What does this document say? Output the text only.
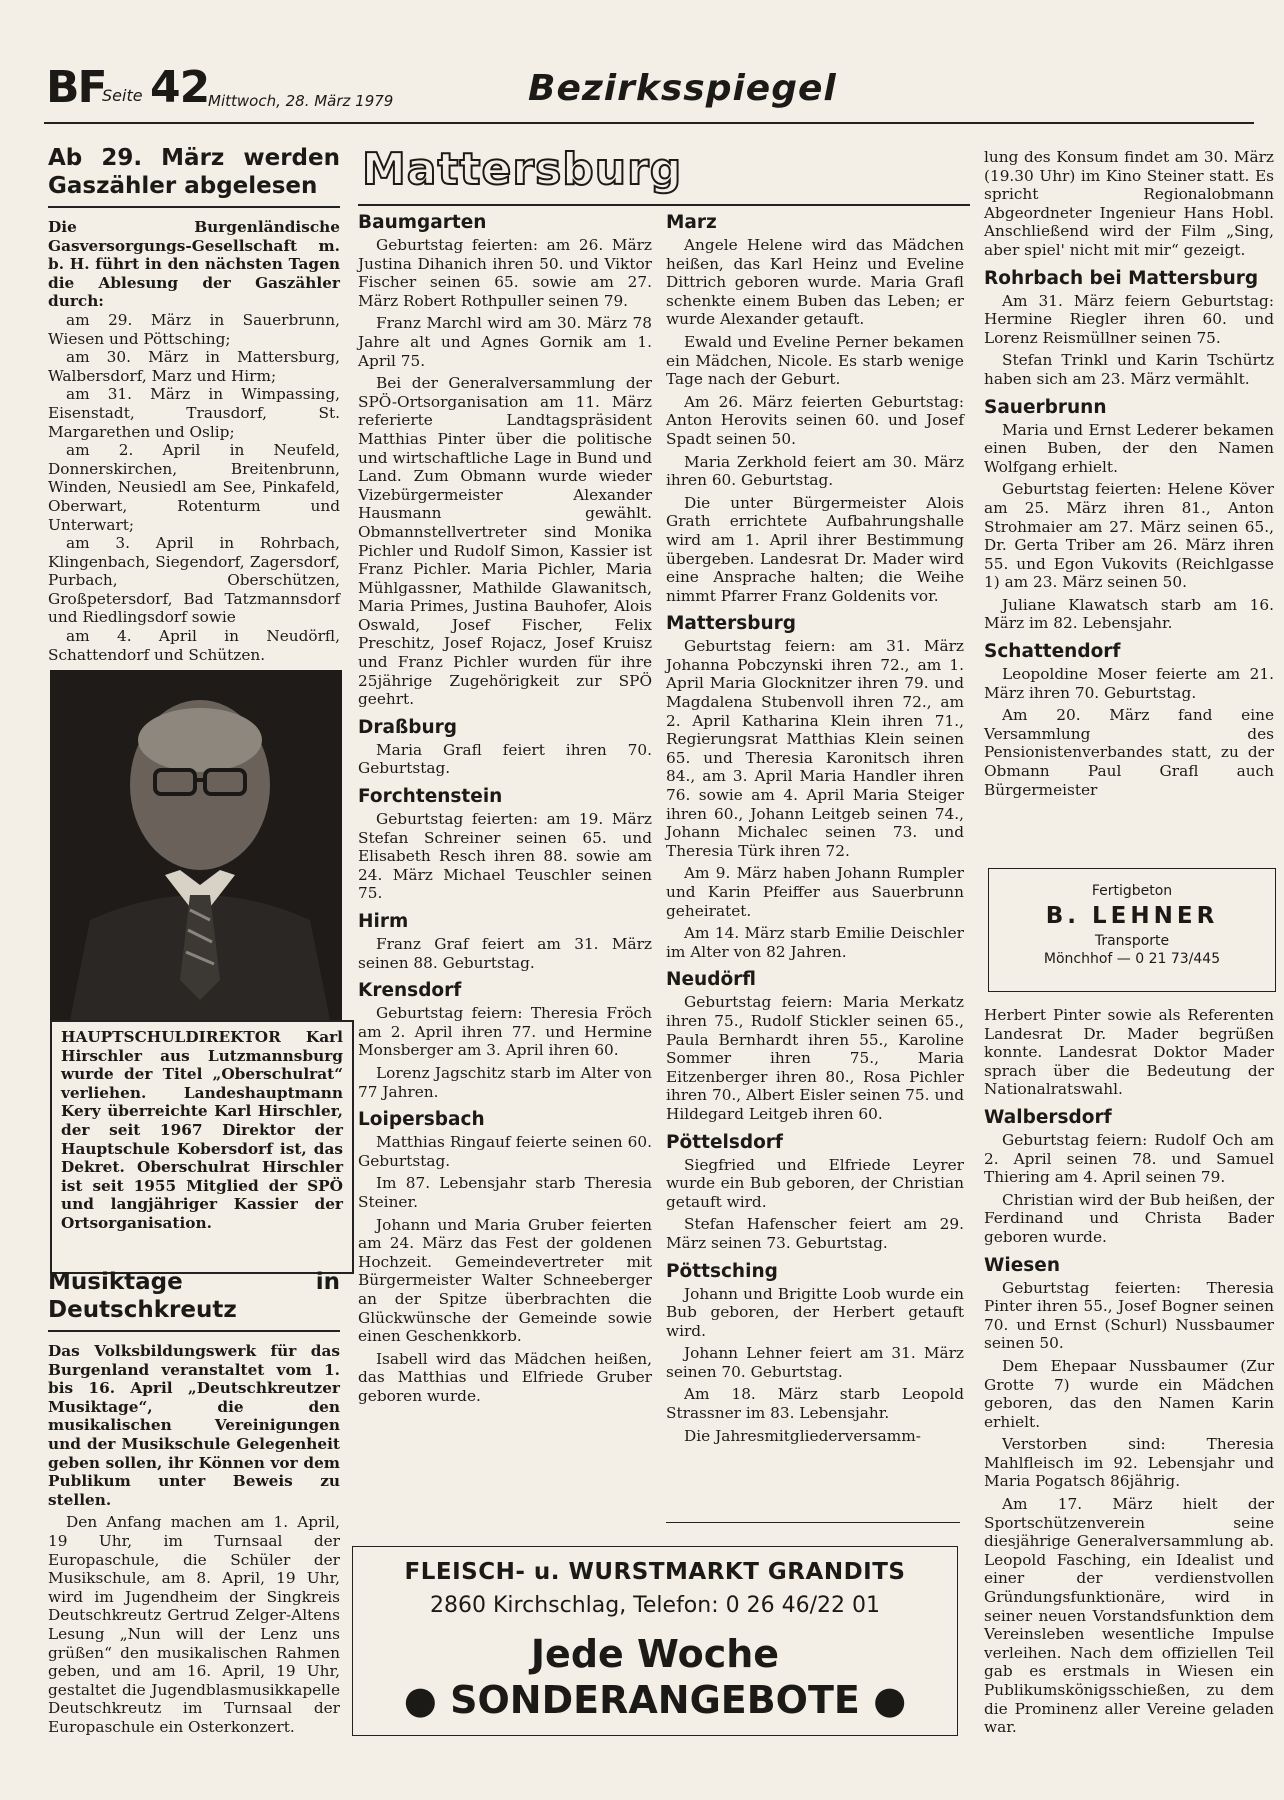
BF
Seite 42
Mittwoch, 28. März 1979	Bezirksspiegel
Ab 29. März werden Gaszähler abgelesen

Die Burgenländische Gasversorgungs-Gesellschaft m. b. H. führt in den nächsten Tagen die Ablesung der Gaszähler durch:

am 29. März in Sauerbrunn, Wiesen und Pöttsching;

am 30. März in Mattersburg, Walbersdorf, Marz und Hirm;

am 31. März in Wimpassing, Eisenstadt, Trausdorf, St. Margarethen und Oslip;

am 2. April in Neufeld, Donnerskirchen, Breitenbrunn, Winden, Neusiedl am See, Pinkafeld, Oberwart, Rotenturm und Unterwart;

am 3. April in Rohrbach, Klingenbach, Siegendorf, Zagersdorf, Purbach, Oberschützen, Großpetersdorf, Bad Tatzmannsdorf und Riedlingsdorf sowie

am 4. April in Neudörfl, Schattendorf und Schützen.

HAUPTSCHULDIREKTOR Karl Hirschler aus Lutzmannsburg wurde der Titel „Oberschulrat“ verliehen. Landeshauptmann Kery überreichte Karl Hirschler, der seit 1967 Direktor der Hauptschule Kobersdorf ist, das Dekret. Oberschulrat Hirschler ist seit 1955 Mitglied der SPÖ und langjähriger Kassier der Ortsorganisation.
Musiktage in Deutschkreutz

Das Volksbildungswerk für das Burgenland veranstaltet vom 1. bis 16. April „Deutschkreutzer Musiktage“, die den musikalischen Vereinigungen und der Musikschule Gelegenheit geben sollen, ihr Können vor dem Publikum unter Beweis zu stellen.

Den Anfang machen am 1. April, 19 Uhr, im Turnsaal der Europaschule, die Schüler der Musikschule, am 8. April, 19 Uhr, wird im Jugendheim der Singkreis Deutschkreutz Gertrud Zelger-Altens Lesung „Nun will der Lenz uns grüßen“ den musikalischen Rahmen geben, und am 16. April, 19 Uhr, gestaltet die Jugendblasmusikkapelle Deutschkreutz im Turnsaal der Europaschule ein Osterkonzert.

Mattersburg
Baumgarten

Geburtstag feierten: am 26. März Justina Dihanich ihren 50. und Viktor Fischer seinen 65. sowie am 27. März Robert Rothpuller seinen 79.

Franz Marchl wird am 30. März 78 Jahre alt und Agnes Gornik am 1. April 75.

Bei der Generalversammlung der SPÖ-Ortsorganisation am 11. März referierte Landtagspräsident Matthias Pinter über die politische und wirtschaftliche Lage in Bund und Land. Zum Obmann wurde wieder Vizebürgermeister Alexander Hausmann gewählt. Obmannstellvertreter sind Monika Pichler und Rudolf Simon, Kassier ist Franz Pichler. Maria Pichler, Maria Mühlgassner, Mathilde Glawanitsch, Maria Primes, Justina Bauhofer, Alois Oswald, Josef Fischer, Felix Preschitz, Josef Rojacz, Josef Kruisz und Franz Pichler wurden für ihre 25jährige Zugehörigkeit zur SPÖ geehrt.

Draßburg

Maria Grafl feiert ihren 70. Geburtstag.

Forchtenstein

Geburtstag feierten: am 19. März Stefan Schreiner seinen 65. und Elisabeth Resch ihren 88. sowie am 24. März Michael Teuschler seinen 75.

Hirm

Franz Graf feiert am 31. März seinen 88. Geburtstag.

Krensdorf

Geburtstag feiern: Theresia Fröch am 2. April ihren 77. und Hermine Monsberger am 3. April ihren 60.

Lorenz Jagschitz starb im Alter von 77 Jahren.

Loipersbach

Matthias Ringauf feierte seinen 60. Geburtstag.

Im 87. Lebensjahr starb Theresia Steiner.

Johann und Maria Gruber feierten am 24. März das Fest der goldenen Hochzeit. Gemeindevertreter mit Bürgermeister Walter Schneeberger an der Spitze überbrachten die Glückwünsche der Gemeinde sowie einen Geschenkkorb.

Isabell wird das Mädchen heißen, das Matthias und Elfriede Gruber geboren wurde.

Marz

Angele Helene wird das Mädchen heißen, das Karl Heinz und Eveline Dittrich geboren wurde. Maria Grafl schenkte einem Buben das Leben; er wurde Alexander getauft.

Ewald und Eveline Perner bekamen ein Mädchen, Nicole. Es starb wenige Tage nach der Geburt.

Am 26. März feierten Geburtstag: Anton Herovits seinen 60. und Josef Spadt seinen 50.

Maria Zerkhold feiert am 30. März ihren 60. Geburtstag.

Die unter Bürgermeister Alois Grath errichtete Aufbahrungshalle wird am 1. April ihrer Bestimmung übergeben. Landesrat Dr. Mader wird eine Ansprache halten; die Weihe nimmt Pfarrer Franz Goldenits vor.

Mattersburg

Geburtstag feiern: am 31. März Johanna Pobczynski ihren 72., am 1. April Maria Glocknitzer ihren 79. und Magdalena Stubenvoll ihren 72., am 2. April Katharina Klein ihren 71., Regierungsrat Matthias Klein seinen 65. und Theresia Karonitsch ihren 84., am 3. April Maria Handler ihren 76. sowie am 4. April Maria Steiger ihren 60., Johann Leitgeb seinen 74., Johann Michalec seinen 73. und Theresia Türk ihren 72.

Am 9. März haben Johann Rumpler und Karin Pfeiffer aus Sauerbrunn geheiratet.

Am 14. März starb Emilie Deischler im Alter von 82 Jahren.

Neudörfl

Geburtstag feiern: Maria Merkatz ihren 75., Rudolf Stickler seinen 65., Paula Bernhardt ihren 55., Karoline Sommer ihren 75., Maria Eitzenberger ihren 80., Rosa Pichler ihren 70., Albert Eisler seinen 75. und Hildegard Leitgeb ihren 60.

Pöttelsdorf

Siegfried und Elfriede Leyrer wurde ein Bub geboren, der Christian getauft wird.

Stefan Hafenscher feiert am 29. März seinen 73. Geburtstag.

Pöttsching

Johann und Brigitte Loob wurde ein Bub geboren, der Herbert getauft wird.

Johann Lehner feiert am 31. März seinen 70. Geburtstag.

Am 18. März starb Leopold Strassner im 83. Lebensjahr.

Die Jahresmitgliederversamm-

lung des Konsum findet am 30. März (19.30 Uhr) im Kino Steiner statt. Es spricht Regionalobmann Abgeordneter Ingenieur Hans Hobl. Anschließend wird der Film „Sing, aber spiel' nicht mit mir“ gezeigt.

Rohrbach bei Mattersburg

Am 31. März feiern Geburtstag: Hermine Riegler ihren 60. und Lorenz Reismüllner seinen 75.

Stefan Trinkl und Karin Tschürtz haben sich am 23. März vermählt.

Sauerbrunn

Maria und Ernst Lederer bekamen einen Buben, der den Namen Wolfgang erhielt.

Geburtstag feierten: Helene Köver am 25. März ihren 81., Anton Strohmaier am 27. März seinen 65., Dr. Gerta Triber am 26. März ihren 55. und Egon Vukovits (Reichlgasse 1) am 23. März seinen 50.

Juliane Klawatsch starb am 16. März im 82. Lebensjahr.

Schattendorf

Leopoldine Moser feierte am 21. März ihren 70. Geburtstag.

Am 20. März fand eine Versammlung des Pensionistenverbandes statt, zu der Obmann Paul Grafl auch Bürgermeister

Fertigbeton
B. LEHNER
Transporte
Mönchhof — 0 21 73/445

Herbert Pinter sowie als Referenten Landesrat Dr. Mader begrüßen konnte. Landesrat Doktor Mader sprach über die Bedeutung der Nationalratswahl.

Walbersdorf

Geburtstag feiern: Rudolf Och am 2. April seinen 78. und Samuel Thiering am 4. April seinen 79.

Christian wird der Bub heißen, der Ferdinand und Christa Bader geboren wurde.

Wiesen

Geburtstag feierten: Theresia Pinter ihren 55., Josef Bogner seinen 70. und Ernst (Schurl) Nussbaumer seinen 50.

Dem Ehepaar Nussbaumer (Zur Grotte 7) wurde ein Mädchen geboren, das den Namen Karin erhielt.

Verstorben sind: Theresia Mahlfleisch im 92. Lebensjahr und Maria Pogatsch 86jährig.

Am 17. März hielt der Sportschützenverein seine diesjährige Generalversammlung ab. Leopold Fasching, ein Idealist und einer der verdienstvollen Gründungsfunktionäre, wird in seiner neuen Vorstandsfunktion dem Vereinsleben wesentliche Impulse verleihen. Nach dem offiziellen Teil gab es erstmals in Wiesen ein Publikumskönigsschießen, zu dem die Prominenz aller Vereine geladen war.

FLEISCH- u. WURSTMARKT GRANDITS
2860 Kirchschlag, Telefon: 0 26 46/22 01
Jede Woche
● SONDERANGEBOTE ●
